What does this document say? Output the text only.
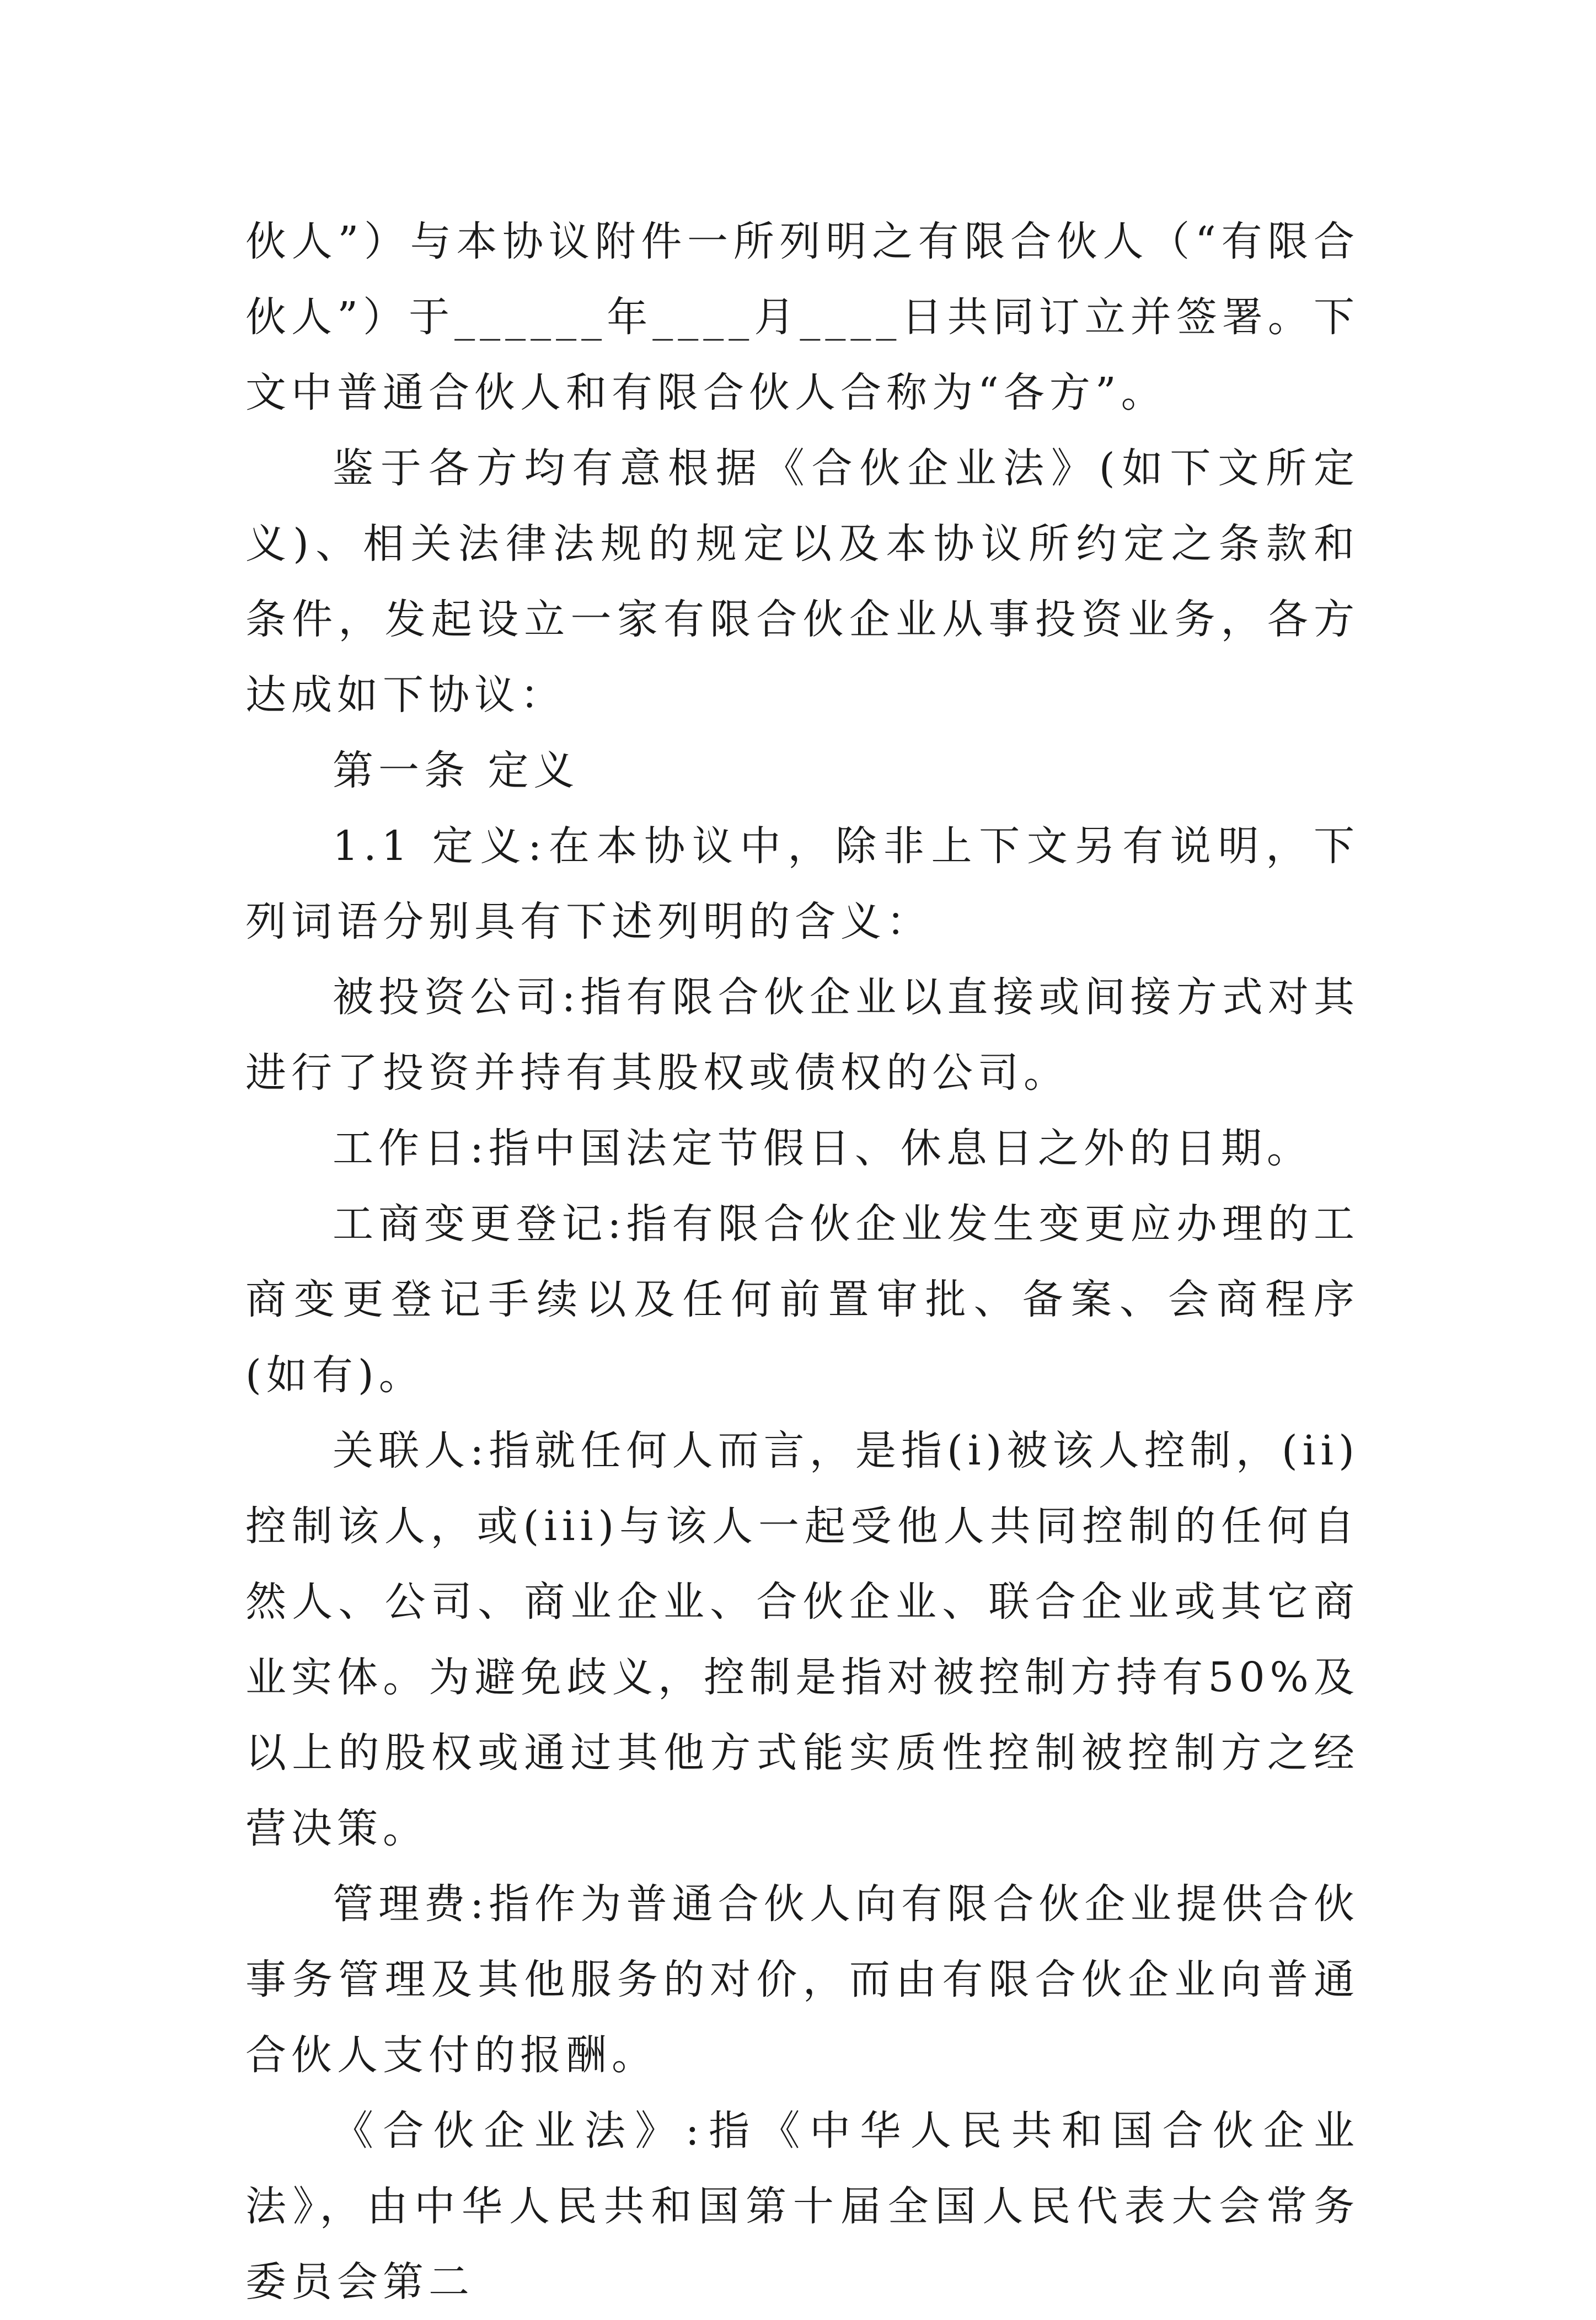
伙人”）与本协议附件一所列明之有限合伙人（“有限合伙人”）于______年____月____日共同订立并签署。下文中普通合伙人和有限合伙人合称为“各方”。

鉴于各方均有意根据《合伙企业法》(如下文所定义)、相关法律法规的规定以及本协议所约定之条款和条件，发起设立一家有限合伙企业从事投资业务，各方达成如下协议：

第一条 定义

1.1 定义:在本协议中，除非上下文另有说明，下列词语分别具有下述列明的含义：

被投资公司:指有限合伙企业以直接或间接方式对其进行了投资并持有其股权或债权的公司。

工作日:指中国法定节假日、休息日之外的日期。

工商变更登记:指有限合伙企业发生变更应办理的工商变更登记手续以及任何前置审批、备案、会商程序(如有)。

关联人:指就任何人而言，是指(i)被该人控制，(ii)控制该人，或(iii)与该人一起受他人共同控制的任何自然人、公司、商业企业、合伙企业、联合企业或其它商业实体。为避免歧义，控制是指对被控制方持有50%及以上的股权或通过其他方式能实质性控制被控制方之经营决策。

管理费:指作为普通合伙人向有限合伙企业提供合伙事务管理及其他服务的对价，而由有限合伙企业向普通合伙人支付的报酬。

《合伙企业法》:指《中华人民共和国合伙企业法》，由中华人民共和国第十届全国人民代表大会常务委员会第二
